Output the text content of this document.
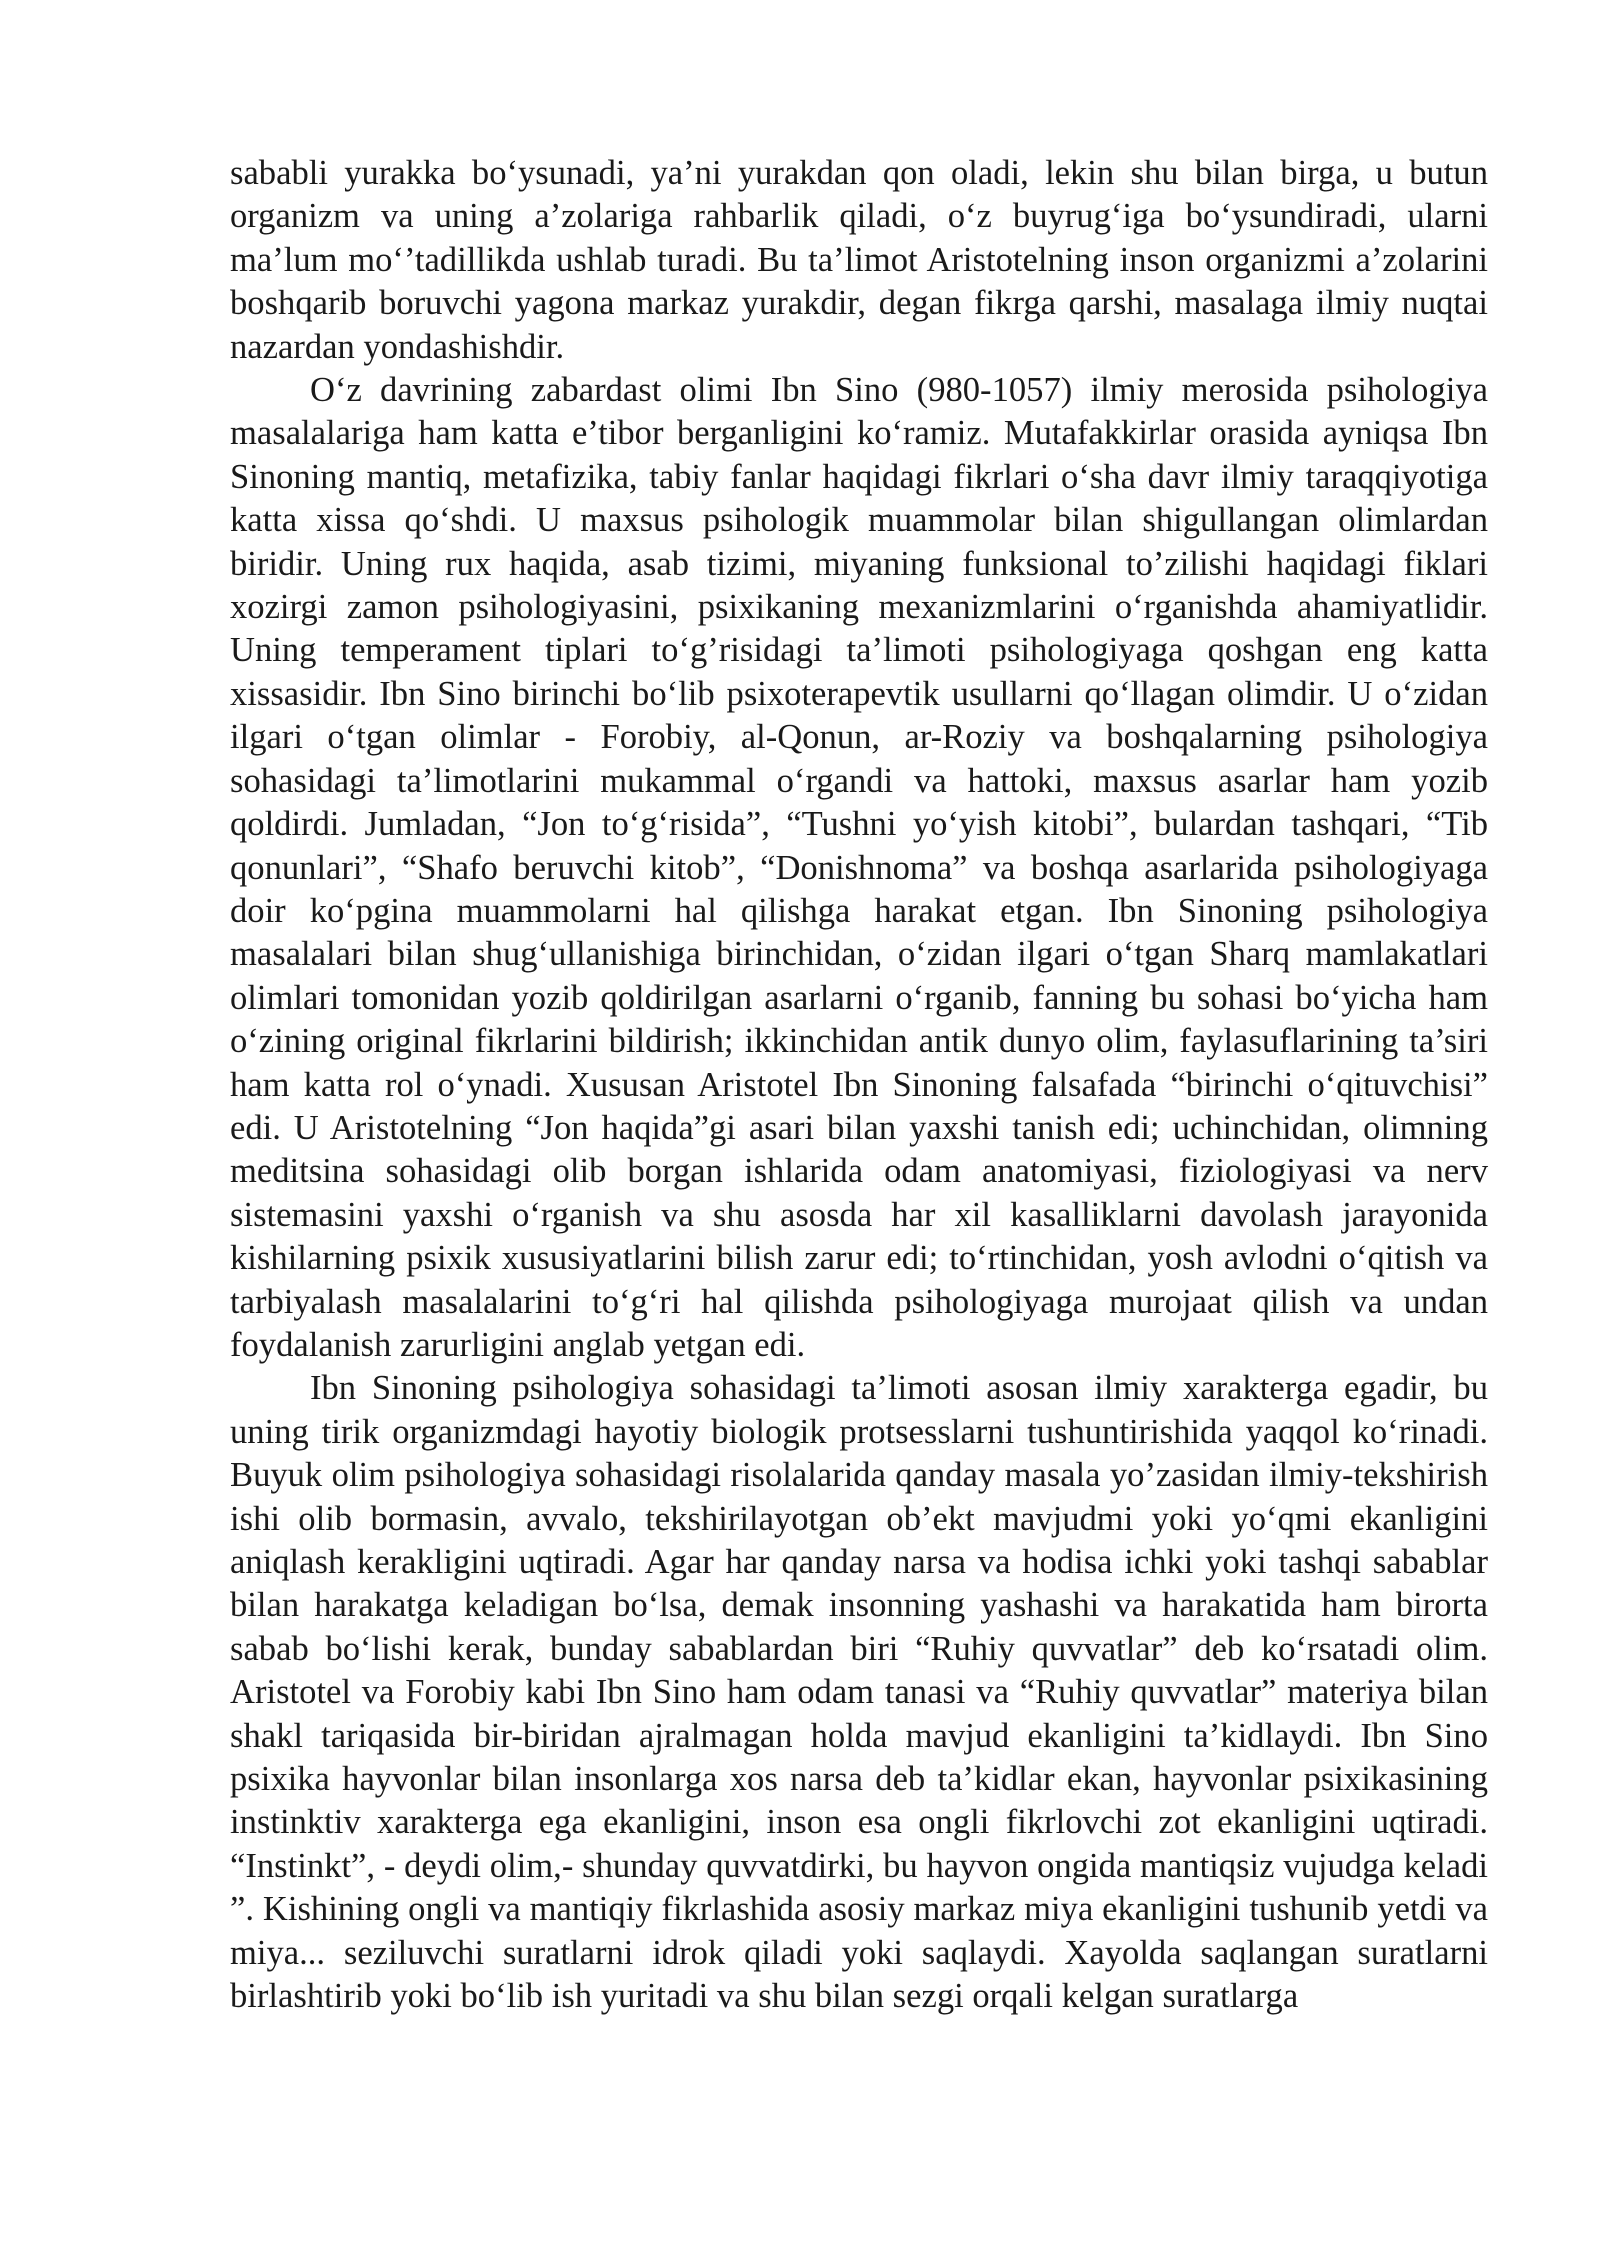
sababli yurakka bo‘ysunadi, ya’ni yurakdan qon oladi, lekin shu bilan birga, u butun organizm va uning a’zolariga rahbarlik qiladi, o‘z buyrug‘iga bo‘ysundiradi, ularni ma’lum mo‘’tadillikda ushlab turadi. Bu ta’limot Aristotelning inson organizmi a’zolarini boshqarib boruvchi yagona markaz yurakdir, degan fikrga qarshi, masalaga ilmiy nuqtai nazardan yondashishdir.

O‘z davrining zabardast olimi Ibn Sino (980-1057) ilmiy merosida psihologiya masalalariga ham katta e’tibor berganligini ko‘ramiz. Mutafakkirlar orasida ayniqsa Ibn Sinoning mantiq, metafizika, tabiy fanlar haqidagi fikrlari o‘sha davr ilmiy taraqqiyotiga katta xissa qo‘shdi. U maxsus psihologik muammolar bilan shigullangan olimlardan biridir. Uning rux haqida, asab tizimi, miyaning funksional to’zilishi haqidagi fiklari xozirgi zamon psihologiyasini, psixikaning mexanizmlarini o‘rganishda ahamiyatlidir. Uning temperament tiplari to‘g’risidagi ta’limoti psihologiyaga qoshgan eng katta xissasidir. Ibn Sino birinchi bo‘lib psixoterapevtik usullarni qo‘llagan olimdir. U o‘zidan ilgari o‘tgan olimlar - Forobiy, al-Qonun, ar-Roziy va boshqalarning psihologiya sohasidagi ta’limotlarini mukammal o‘rgandi va hattoki, maxsus asarlar ham yozib qoldirdi. Jumladan, “Jon to‘g‘risida”, “Tushni yo‘yish kitobi”, bulardan tashqari, “Tib qonunlari”, “Shafo beruvchi kitob”, “Donishnoma” va boshqa asarlarida psihologiyaga doir ko‘pgina muammolarni hal qilishga harakat etgan. Ibn Sinoning psihologiya masalalari bilan shug‘ullanishiga birinchidan, o‘zidan ilgari o‘tgan Sharq mamlakatlari olimlari tomonidan yozib qoldirilgan asarlarni o‘rganib, fanning bu sohasi bo‘yicha ham o‘zining original fikrlarini bildirish; ikkinchidan antik dunyo olim, faylasuflarining ta’siri ham katta rol o‘ynadi. Xususan Aristotel Ibn Sinoning falsafada “birinchi o‘qituvchisi” edi. U Aristotelning “Jon haqida”gi asari bilan yaxshi tanish edi; uchinchidan, olimning meditsina sohasidagi olib borgan ishlarida odam anatomiyasi, fiziologiyasi va nerv sistemasini yaxshi o‘rganish va shu asosda har xil kasalliklarni davolash jarayonida kishilarning psixik xususiyatlarini bilish zarur edi; to‘rtinchidan, yosh avlodni o‘qitish va tarbiyalash masalalarini to‘g‘ri hal qilishda psihologiyaga murojaat qilish va undan foydalanish zarurligini anglab yetgan edi.

Ibn Sinoning psihologiya sohasidagi ta’limoti asosan ilmiy xarakterga egadir, bu uning tirik organizmdagi hayotiy biologik protsesslarni tushuntirishida yaqqol ko‘rinadi. Buyuk olim psihologiya sohasidagi risolalarida qanday masala yo’zasidan ilmiy-tekshirish ishi olib bormasin, avvalo, tekshirilayotgan ob’ekt mavjudmi yoki yo‘qmi ekanligini aniqlash kerakligini uqtiradi. Agar har qanday narsa va hodisa ichki yoki tashqi sabablar bilan harakatga keladigan bo‘lsa, demak insonning yashashi va harakatida ham birorta sabab bo‘lishi kerak, bunday sabablardan biri “Ruhiy quvvatlar” deb ko‘rsatadi olim. Aristotel va Forobiy kabi Ibn Sino ham odam tanasi va “Ruhiy quvvatlar” materiya bilan shakl tariqasida bir-biridan ajralmagan holda mavjud ekanligini ta’kidlaydi. Ibn Sino psixika hayvonlar bilan insonlarga xos narsa deb ta’kidlar ekan, hayvonlar psixikasining instinktiv xarakterga ega ekanligini, inson esa ongli fikrlovchi zot ekanligini uqtiradi. “Instinkt”, - deydi olim,- shunday quvvatdirki, bu hayvon ongida mantiqsiz vujudga keladi ”. Kishining ongli va mantiqiy fikrlashida asosiy markaz miya ekanligini tushunib yetdi va miya... seziluvchi suratlarni idrok qiladi yoki saqlaydi. Xayolda saqlangan suratlarni birlashtirib yoki bo‘lib ish yuritadi va shu bilan sezgi orqali kelgan suratlarga
